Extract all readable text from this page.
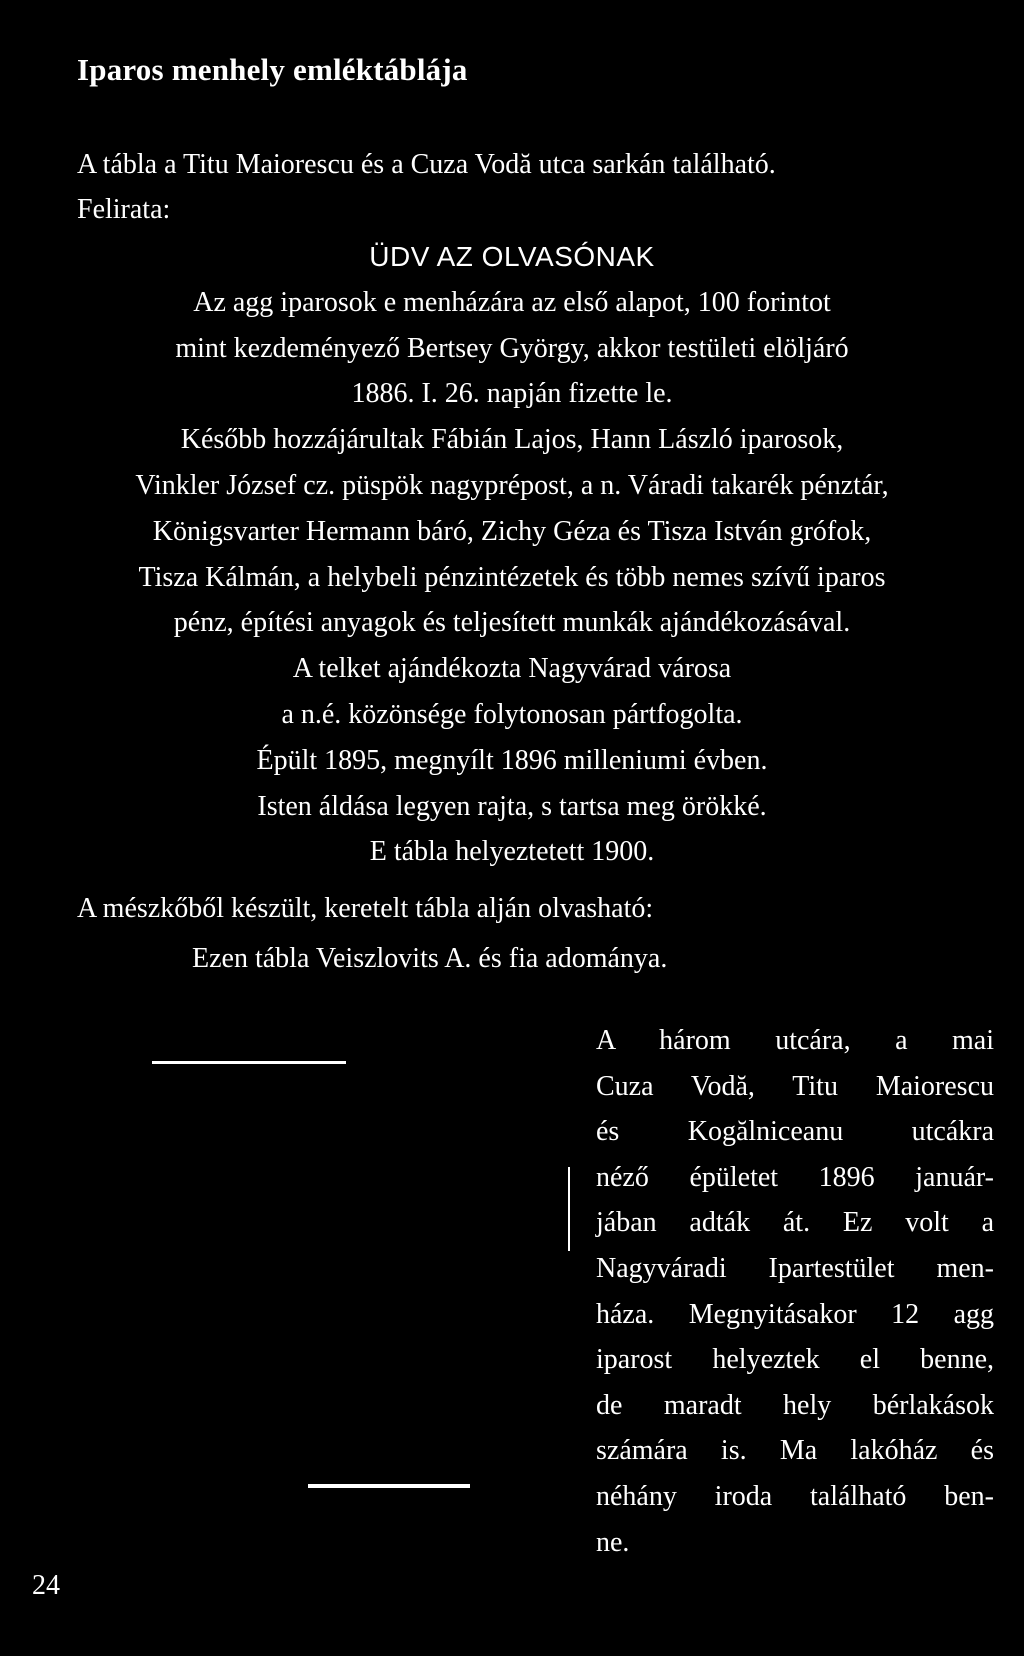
Iparos menhely emléktáblája
A tábla a Titu Maiorescu és a Cuza Vodă utca sarkán található.
Felirata:
ÜDV AZ OLVASÓNAK
Az agg iparosok e menházára az első alapot, 100 forintot
mint kezdeményező Bertsey György, akkor testületi elöljáró
1886. I. 26. napján fizette le.
Később hozzájárultak Fábián Lajos, Hann László iparosok,
Vinkler József cz. püspök nagyprépost, a n. Váradi takarék pénztár,
Königsvarter Hermann báró, Zichy Géza és Tisza István grófok,
Tisza Kálmán, a helybeli pénzintézetek és több nemes szívű iparos
pénz, építési anyagok és teljesített munkák ajándékozásával.
A telket ajándékozta Nagyvárad városa
a n.é. közönsége folytonosan pártfogolta.
Épült 1895, megnyílt 1896 milleniumi évben.
Isten áldása legyen rajta, s tartsa meg örökké.
E tábla helyeztetett 1900.
A mészkőből készült, keretelt tábla alján olvasható:
Ezen tábla Veiszlovits A. és fia adománya.
A három utcára, a mai
Cuza Vodă, Titu Maiorescu
és Kogălniceanu utcákra
néző épületet 1896 január-
jában adták át. Ez volt a
Nagyváradi Ipartestület men-
háza. Megnyitásakor 12 agg
iparost helyeztek el benne,
de maradt hely bérlakások
számára is. Ma lakóház és
néhány iroda található ben-
ne.
24
